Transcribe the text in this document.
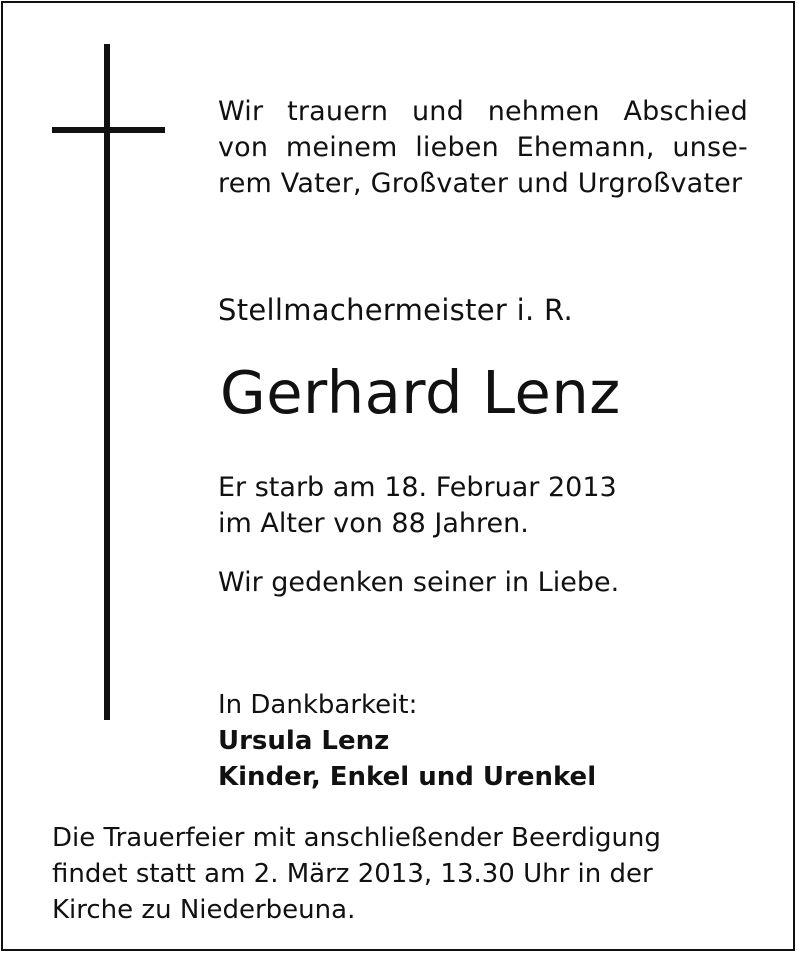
Wir trauern und nehmen Abschied
von meinem lieben Ehemann, unse-
rem Vater, Großvater und Urgroßvater
Stellmachermeister i. R.
Gerhard Lenz
Er starb am 18. Februar 2013
im Alter von 88 Jahren.
Wir gedenken seiner in Liebe.
In Dankbarkeit:
Ursula Lenz
Kinder, Enkel und Urenkel
Die Trauerfeier mit anschließender Beerdigung
findet statt am 2. März 2013, 13.30 Uhr in der
Kirche zu Niederbeuna.
